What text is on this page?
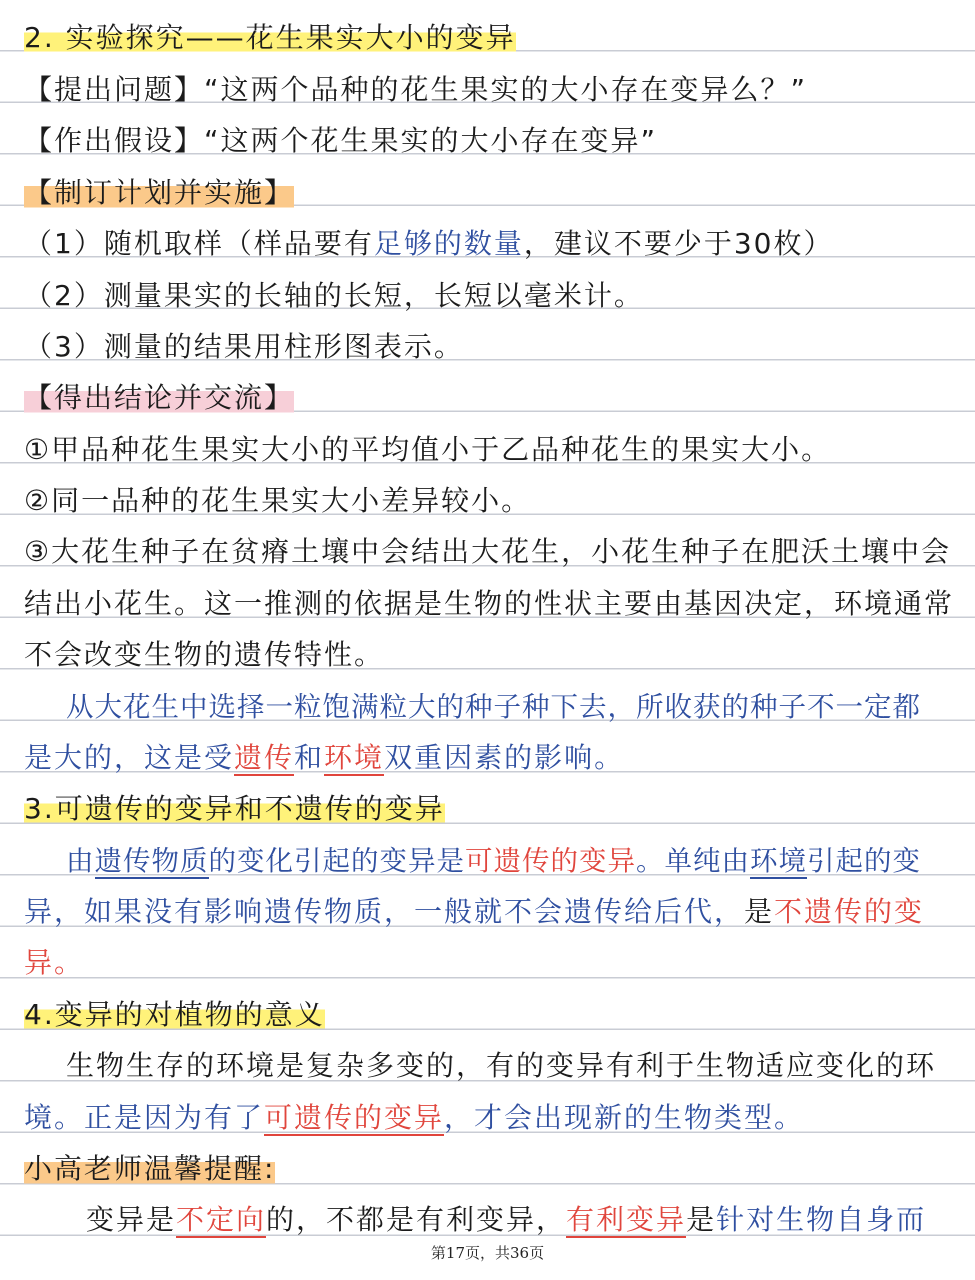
2. 实验探究——花生果实大小的变异
【提出问题】“这两个品种的花生果实的大小存在变异么？”
【作出假设】“这两个花生果实的大小存在变异”
【制订计划并实施】
（1）随机取样（样品要有足够的数量，建议不要少于30枚）
（2）测量果实的长轴的长短，长短以毫米计。
（3）测量的结果用柱形图表示。
【得出结论并交流】
①甲品种花生果实大小的平均值小于乙品种花生的果实大小。
②同一品种的花生果实大小差异较小。
③大花生种子在贫瘠土壤中会结出大花生，小花生种子在肥沃土壤中会
结出小花生。这一推测的依据是生物的性状主要由基因决定，环境通常
不会改变生物的遗传特性。
从大花生中选择一粒饱满粒大的种子种下去，所收获的种子不一定都
是大的，这是受遗传和环境双重因素的影响。
3.可遗传的变异和不遗传的变异
由遗传物质的变化引起的变异是可遗传的变异。单纯由环境引起的变
异，如果没有影响遗传物质，一般就不会遗传给后代，是不遗传的变
异。
4.变异的对植物的意义
生物生存的环境是复杂多变的，有的变异有利于生物适应变化的环
境。正是因为有了可遗传的变异，才会出现新的生物类型。
小高老师温馨提醒:
变异是不定向的，不都是有利变异，有利变异是针对生物自身而
第17页，共36页
